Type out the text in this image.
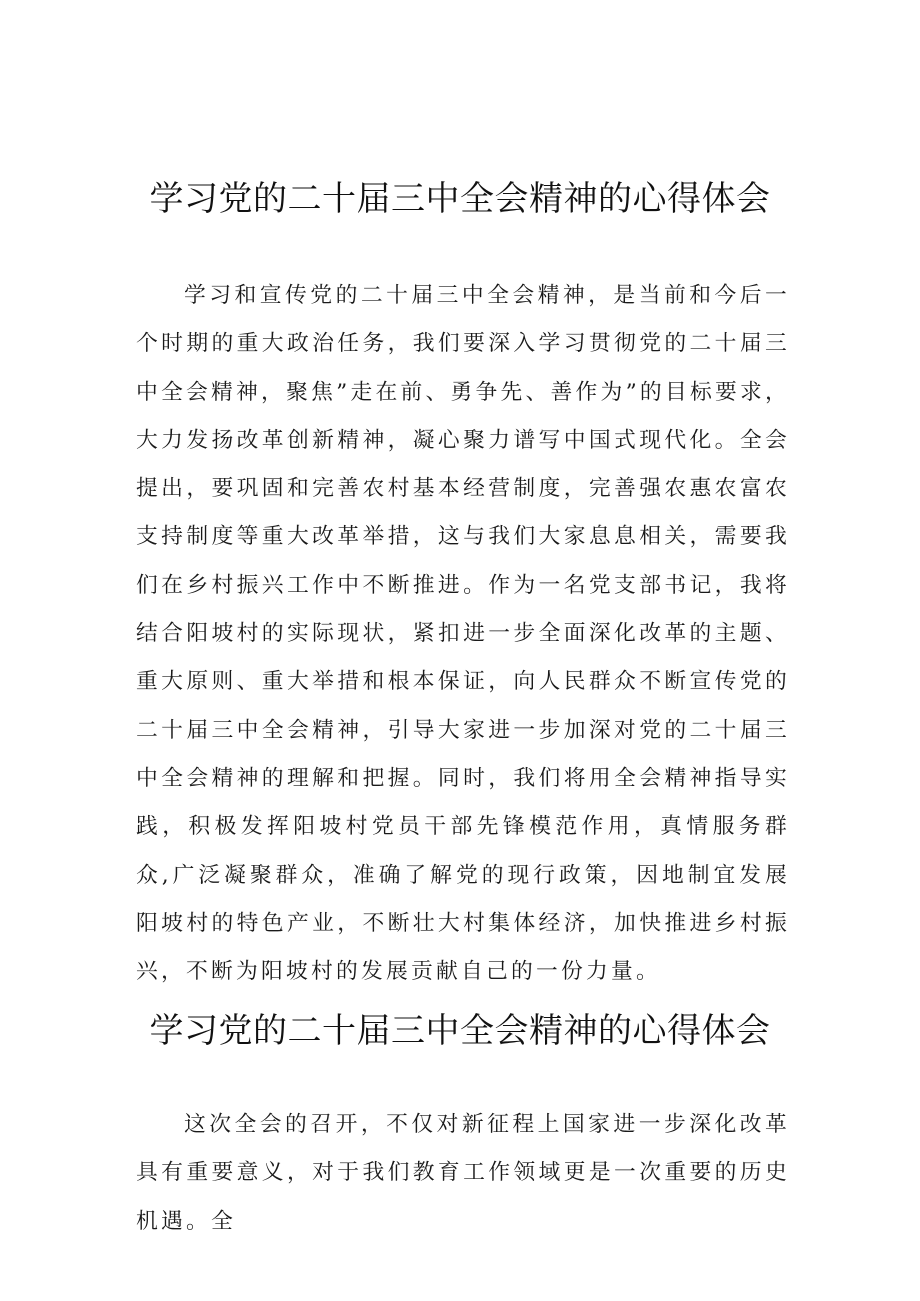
学习党的二十届三中全会精神的心得体会

学习和宣传党的二十届三中全会精神，是当前和今后一个时期的重大政治任务，我们要深入学习贯彻党的二十届三中全会精神，聚焦”走在前、勇争先、善作为”的目标要求，大力发扬改革创新精神，凝心聚力谱写中国式现代化。全会提出，要巩固和完善农村基本经营制度，完善强农惠农富农支持制度等重大改革举措，这与我们大家息息相关，需要我们在乡村振兴工作中不断推进。作为一名党支部书记，我将结合阳坡村的实际现状，紧扣进一步全面深化改革的主题、重大原则、重大举措和根本保证，向人民群众不断宣传党的二十届三中全会精神，引导大家进一步加深对党的二十届三中全会精神的理解和把握。同时，我们将用全会精神指导实践，积极发挥阳坡村党员干部先锋模范作用，真情服务群众,广泛凝聚群众，准确了解党的现行政策，因地制宜发展阳坡村的特色产业，不断壮大村集体经济，加快推进乡村振兴，不断为阳坡村的发展贡献自己的一份力量。

学习党的二十届三中全会精神的心得体会

这次全会的召开，不仅对新征程上国家进一步深化改革具有重要意义，对于我们教育工作领域更是一次重要的历史机遇。全
